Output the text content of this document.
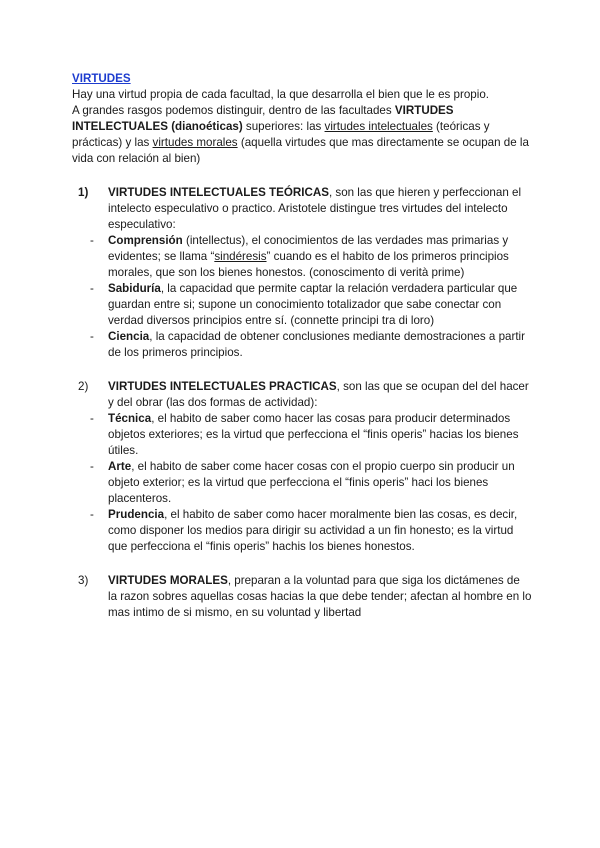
VIRTUDES

Hay una virtud propia de cada facultad, la que desarrolla el bien que le es propio.

A grandes rasgos podemos distinguir, dentro de las facultades VIRTUDES INTELECTUALES (dianoéticas) superiores: las virtudes intelectuales (teóricas y prácticas) y las virtudes morales (aquella virtudes que mas directamente se ocupan de la vida con relación al bien)

1) VIRTUDES INTELECTUALES TEÓRICAS, son las que hieren y perfeccionan el intelecto especulativo o practico. Aristotele distingue tres virtudes del intelecto especulativo:

- Comprensión (intellectus), el conocimientos de las verdades mas primarias y evidentes; se llama “sindéresis” cuando es el habito de los primeros principios morales, que son los bienes honestos. (conoscimento di verità prime)

- Sabiduría, la capacidad que permite captar la relación verdadera particular que guardan entre si; supone un conocimiento totalizador que sabe conectar con verdad diversos principios entre sí. (connette principi tra di loro)

- Ciencia, la capacidad de obtener conclusiones mediante demostraciones a partir de los primeros principios.

2) VIRTUDES INTELECTUALES PRACTICAS, son las que se ocupan del del hacer y del obrar (las dos formas de actividad):

- Técnica, el habito de saber como hacer las cosas para producir determinados objetos exteriores; es la virtud que perfecciona el “finis operis” hacias los bienes útiles.

- Arte, el habito de saber come hacer cosas con el propio cuerpo sin producir un objeto exterior; es la virtud que perfecciona el “finis operis” haci los bienes placenteros.

- Prudencia, el habito de saber como hacer moralmente bien las cosas, es decir, como disponer los medios para dirigir su actividad a un fin honesto; es la virtud que perfecciona el “finis operis” hachis los bienes honestos.

3) VIRTUDES MORALES, preparan a la voluntad para que siga los dictámenes de la razon sobres aquellas cosas hacias la que debe tender; afectan al hombre en lo mas intimo de si mismo, en su voluntad y libertad
